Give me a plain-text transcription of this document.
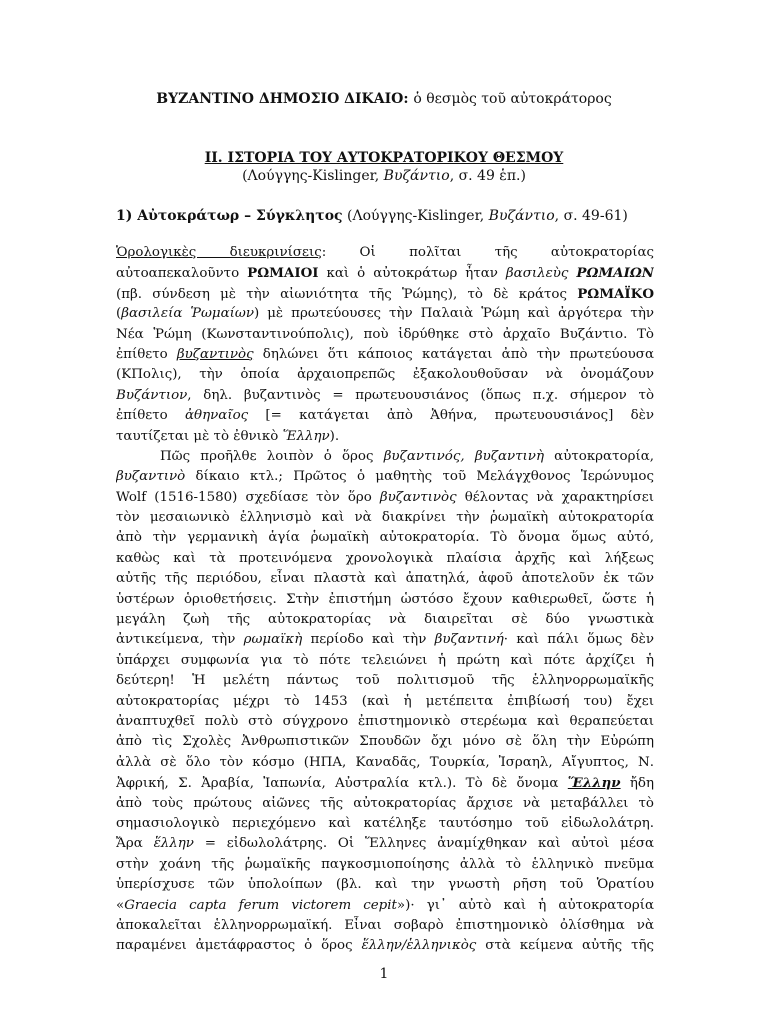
ΒΥΖΑΝΤΙΝΟ ΔΗΜΟΣΙΟ ΔΙΚΑΙΟ: ὁ θεσμὸς τοῦ αὐτοκράτορος
ΙΙ. ΙΣΤΟΡΙΑ ΤΟΥ ΑΥΤΟΚΡΑΤΟΡΙΚΟΥ ΘΕΣΜΟΥ
(Λούγγης-Kislinger, Βυζάντιο, σ. 49 ἑπ.)
1) Αὐτοκράτωρ – Σύγκλητος (Λούγγης-Kislinger, Βυζάντιο, σ. 49-61)
Ὁρολογικὲς διευκρινίσεις: Οἱ πολῖται τῆς αὐτοκρατορίας
αὐτοαπεκαλοῦντο ΡΩΜΑΙΟΙ καὶ ὁ αὐτοκράτωρ ἦταν βασιλεὺς ΡΩΜΑΙΩΝ
(πβ. σύνδεση μὲ τὴν αἰωνιότητα τῆς Ῥώμης), τὸ δὲ κράτος ΡΩΜΑΪΚΟ
(βασιλεία Ῥωμαίων) μὲ πρωτεύουσες τὴν Παλαιὰ Ῥώμη καὶ ἀργότερα τὴν
Νέα Ῥώμη (Κωνσταντινούπολις), ποὺ ἱδρύθηκε στὸ ἀρχαῖο Βυζάντιο. Τὸ
ἐπίθετο βυζαντινὸς δηλώνει ὅτι κάποιος κατάγεται ἀπὸ τὴν πρωτεύουσα
(ΚΠολις), τὴν ὁποία ἀρχαιοπρεπῶς ἐξακολουθοῦσαν νὰ ὀνομάζουν
Βυζάντιον, δηλ. βυζαντινὸς = πρωτευουσιάνος (ὅπως π.χ. σήμερον τὸ
ἐπίθετο ἀθηναῖος [= κατάγεται ἀπὸ Ἀθήνα, πρωτευουσιάνος] δὲν
ταυτίζεται μὲ τὸ ἐθνικὸ Ἕλλην).
Πῶς προῆλθε λοιπὸν ὁ ὅρος βυζαντινός, βυζαντινὴ αὐτοκρατορία,
βυζαντινὸ δίκαιο κτλ.; Πρῶτος ὁ μαθητὴς τοῦ Μελάγχθονος Ἱερώνυμος
Wolf (1516-1580) σχεδίασε τὸν ὅρο βυζαντινὸς θέλοντας νὰ χαρακτηρίσει
τὸν μεσαιωνικὸ ἑλληνισμὸ καὶ νὰ διακρίνει τὴν ῥωμαϊκὴ αὐτοκρατορία
ἀπὸ τὴν γερμανικὴ ἁγία ῥωμαϊκὴ αὐτοκρατορία. Τὸ ὄνομα ὅμως αὐτό,
καθὼς καὶ τὰ προτεινόμενα χρονολογικὰ πλαίσια ἀρχῆς καὶ λήξεως
αὐτῆς τῆς περιόδου, εἶναι πλαστὰ καὶ ἀπατηλά, ἀφοῦ ἀποτελοῦν ἐκ τῶν
ὑστέρων ὁριοθετήσεις. Στὴν ἐπιστήμη ὡστόσο ἔχουν καθιερωθεῖ, ὥστε ἡ
μεγάλη ζωὴ τῆς αὐτοκρατορίας νὰ διαιρεῖται σὲ δύο γνωστικὰ
ἀντικείμενα, τὴν ρωμαϊκὴ περίοδο καὶ τὴν βυζαντινή· καὶ πάλι ὅμως δὲν
ὑπάρχει συμφωνία για τὸ πότε τελειώνει ἡ πρώτη καὶ πότε ἀρχίζει ἡ
δεύτερη! Ἡ μελέτη πάντως τοῦ πολιτισμοῦ τῆς ἑλληνορρωμαϊκῆς
αὐτοκρατορίας μέχρι τὸ 1453 (καὶ ἡ μετέπειτα ἐπιβίωσή του) ἔχει
ἀναπτυχθεῖ πολὺ στὸ σύγχρονο ἐπιστημονικὸ στερέωμα καὶ θεραπεύεται
ἀπὸ τὶς Σχολὲς Ἀνθρωπιστικῶν Σπουδῶν ὄχι μόνο σὲ ὅλη τὴν Εὐρώπη
ἀλλὰ σὲ ὅλο τὸν κόσμο (ΗΠΑ, Καναδᾶς, Τουρκία, Ἰσραηλ, Αἴγυπτος, Ν.
Ἀφρική, Σ. Ἀραβία, Ἰαπωνία, Αὐστραλία κτλ.). Τὸ δὲ ὄνομα Ἕλλην ἤδη
ἀπὸ τοὺς πρώτους αἰῶνες τῆς αὐτοκρατορίας ἄρχισε νὰ μεταβάλλει τὸ
σημασιολογικὸ περιεχόμενο καὶ κατέληξε ταυτόσημο τοῦ εἰδωλολάτρη.
Ἄρα ἕλλην = εἰδωλολάτρης. Οἱ Ἕλληνες ἀναμίχθηκαν καὶ αὐτοὶ μέσα
στὴν χοάνη τῆς ῥωμαϊκῆς παγκοσμιοποίησης ἀλλὰ τὸ ἑλληνικὸ πνεῦμα
ὑπερίσχυσε τῶν ὑπολοίπων (βλ. καὶ την γνωστὴ ρῆση τοῦ Ὁρατίου
«Graecia capta ferum victorem cepit»)· γι᾽ αὐτὸ καὶ ἡ αὐτοκρατορία
ἀποκαλεῖται ἑλληνορρωμαϊκή. Εἶναι σοβαρὸ ἐπιστημονικὸ ὀλίσθημα νὰ
παραμένει ἀμετάφραστος ὁ ὅρος ἕλλην/ἑλληνικὸς στὰ κείμενα αὐτῆς τῆς
1
